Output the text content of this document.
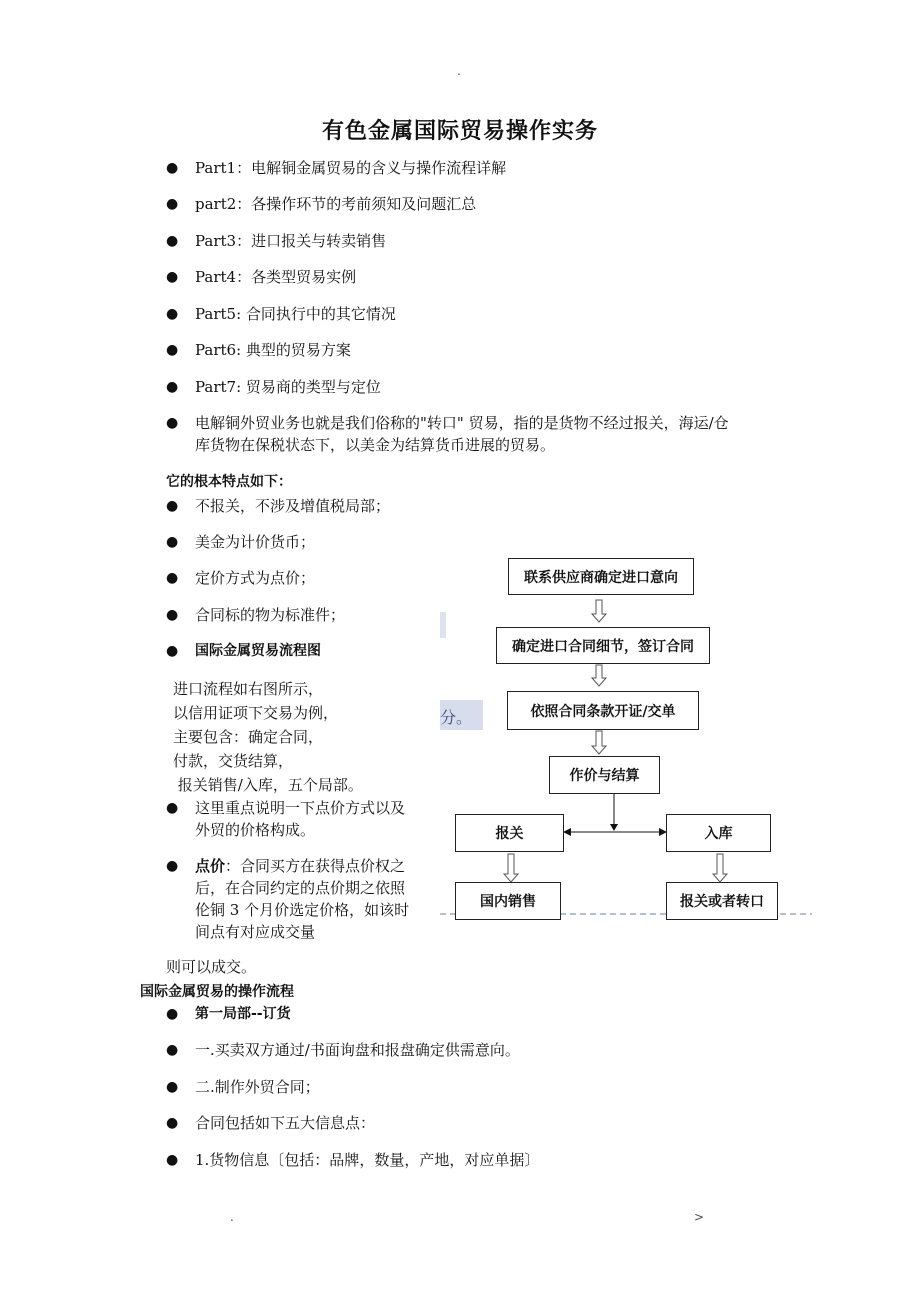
.
有色金属国际贸易操作实务
● Part1：电解铜金属贸易的含义与操作流程详解
● part2：各操作环节的考前须知及问题汇总
● Part3：进口报关与转卖销售
● Part4：各类型贸易实例
● Part5: 合同执行中的其它情况
● Part6: 典型的贸易方案
● Part7: 贸易商的类型与定位
● 电解铜外贸业务也就是我们俗称的"转口" 贸易，指的是货物不经过报关，海运/仓
库货物在保税状态下，以美金为结算货币进展的贸易。
它的根本特点如下：
● 不报关，不涉及增值税局部；
● 美金为计价货币；
● 定价方式为点价；
● 合同标的物为标准件；
● 国际金属贸易流程图
分。
进口流程如右图所示，
以信用证项下交易为例，
主要包含：确定合同，
付款，交货结算，
报关销售/入库，五个局部。
● 这里重点说明一下点价方式以及
外贸的价格构成。
● 点价：合同买方在获得点价权之
后，在合同约定的点价期之依照
伦铜 3 个月价选定价格，如该时
间点有对应成交量
则可以成交。
联系供应商确定进口意向
确定进口合同细节，签订合同
依照合同条款开证/交单
作价与结算
报关	入库
国内销售	报关或者转口
国际金属贸易的操作流程
● 第一局部--订货
● 一.买卖双方通过/书面询盘和报盘确定供需意向。
● 二.制作外贸合同；
● 合同包括如下五大信息点：
● 1.货物信息〔包括：品牌，数量，产地，对应单据〕
.	>
